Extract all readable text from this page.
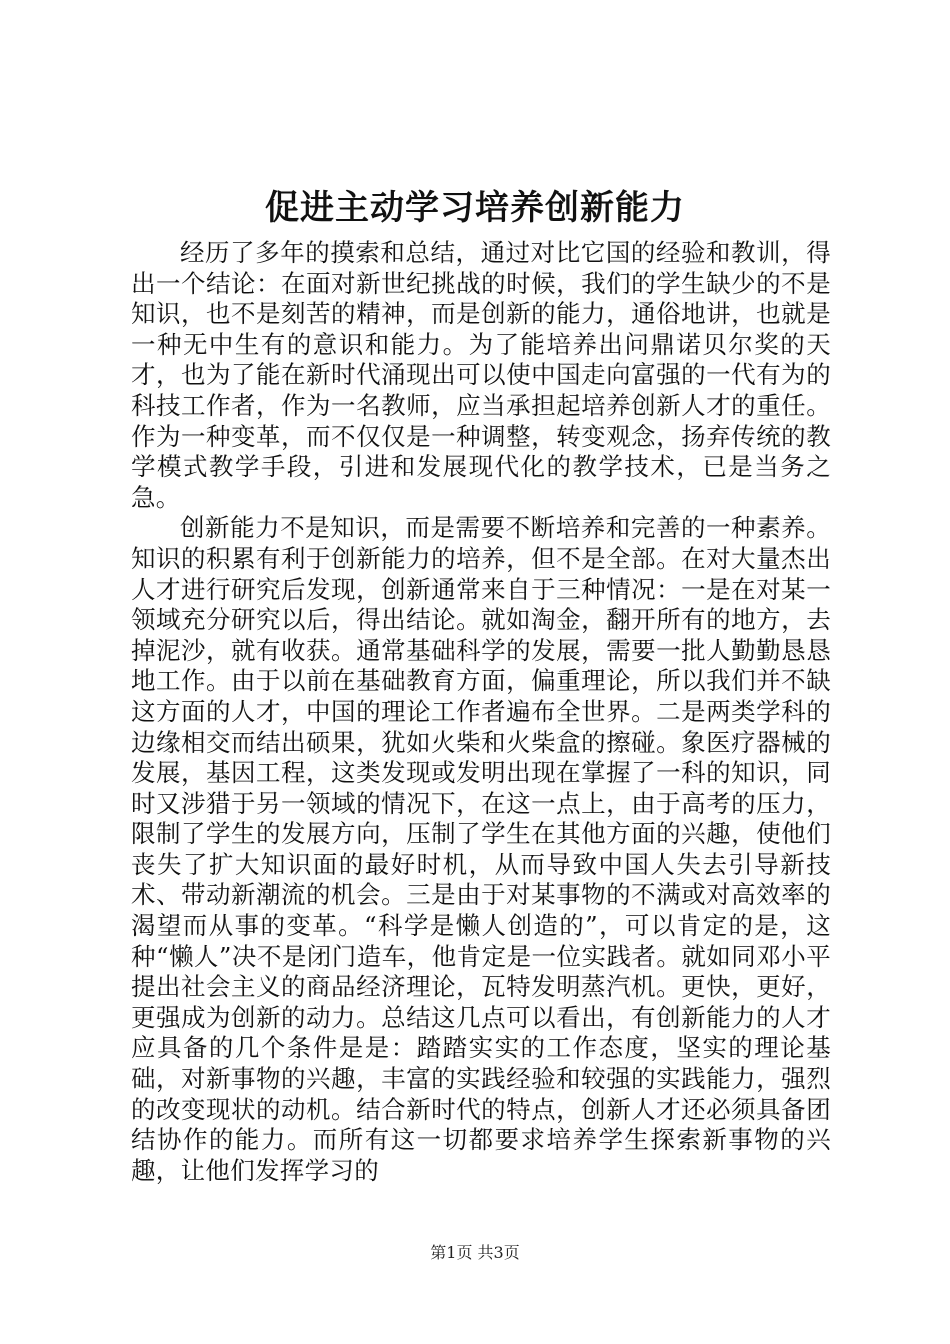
促进主动学习培养创新能力

经历了多年的摸索和总结，通过对比它国的经验和教训，得出一个结论：在面对新世纪挑战的时候，我们的学生缺少的不是知识，也不是刻苦的精神，而是创新的能力，通俗地讲，也就是一种无中生有的意识和能力。为了能培养出问鼎诺贝尔奖的天才，也为了能在新时代涌现出可以使中国走向富强的一代有为的科技工作者，作为一名教师，应当承担起培养创新人才的重任。作为一种变革，而不仅仅是一种调整，转变观念，扬弃传统的教学模式教学手段，引进和发展现代化的教学技术，已是当务之急。

创新能力不是知识，而是需要不断培养和完善的一种素养。知识的积累有利于创新能力的培养，但不是全部。在对大量杰出人才进行研究后发现，创新通常来自于三种情况：一是在对某一领域充分研究以后，得出结论。就如淘金，翻开所有的地方，去掉泥沙，就有收获。通常基础科学的发展，需要一批人勤勤恳恳地工作。由于以前在基础教育方面，偏重理论，所以我们并不缺这方面的人才，中国的理论工作者遍布全世界。二是两类学科的边缘相交而结出硕果，犹如火柴和火柴盒的擦碰。象医疗器械的发展，基因工程，这类发现或发明出现在掌握了一科的知识，同时又涉猎于另一领域的情况下，在这一点上，由于高考的压力，限制了学生的发展方向，压制了学生在其他方面的兴趣，使他们丧失了扩大知识面的最好时机，从而导致中国人失去引导新技术、带动新潮流的机会。三是由于对某事物的不满或对高效率的渴望而从事的变革。“科学是懒人创造的”，可以肯定的是，这种“懒人”决不是闭门造车，他肯定是一位实践者。就如同邓小平提出社会主义的商品经济理论，瓦特发明蒸汽机。更快，更好，更强成为创新的动力。总结这几点可以看出，有创新能力的人才应具备的几个条件是是：踏踏实实的工作态度，坚实的理论基础，对新事物的兴趣，丰富的实践经验和较强的实践能力，强烈的改变现状的动机。结合新时代的特点，创新人才还必须具备团结协作的能力。而所有这一切都要求培养学生探索新事物的兴趣，让他们发挥学习的

第1页 共3页
